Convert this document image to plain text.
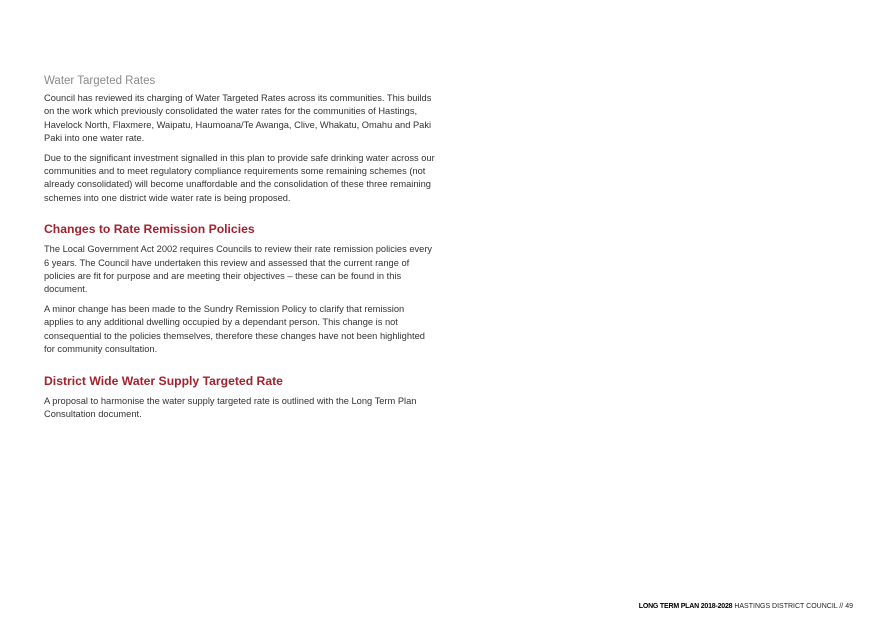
Water Targeted Rates

Council has reviewed its charging of Water Targeted Rates across its communities. This builds on the work which previously consolidated the water rates for the communities of Hastings, Havelock North, Flaxmere, Waipatu, Haumoana/Te Awanga, Clive, Whakatu, Omahu and Paki Paki into one water rate.

Due to the significant investment signalled in this plan to provide safe drinking water across our communities and to meet regulatory compliance requirements some remaining schemes (not already consolidated) will become unaffordable and the consolidation of these three remaining schemes into one district wide water rate is being proposed.

Changes to Rate Remission Policies

The Local Government Act 2002 requires Councils to review their rate remission policies every 6 years. The Council have undertaken this review and assessed that the current range of policies are fit for purpose and are meeting their objectives – these can be found in this document.

A minor change has been made to the Sundry Remission Policy to clarify that remission applies to any additional dwelling occupied by a dependant person. This change is not consequential to the policies themselves, therefore these changes have not been highlighted for community consultation.

District Wide Water Supply Targeted Rate

A proposal to harmonise the water supply targeted rate is outlined with the Long Term Plan Consultation document.

LONG TERM PLAN 2018-2028 HASTINGS DISTRICT COUNCIL // 49
